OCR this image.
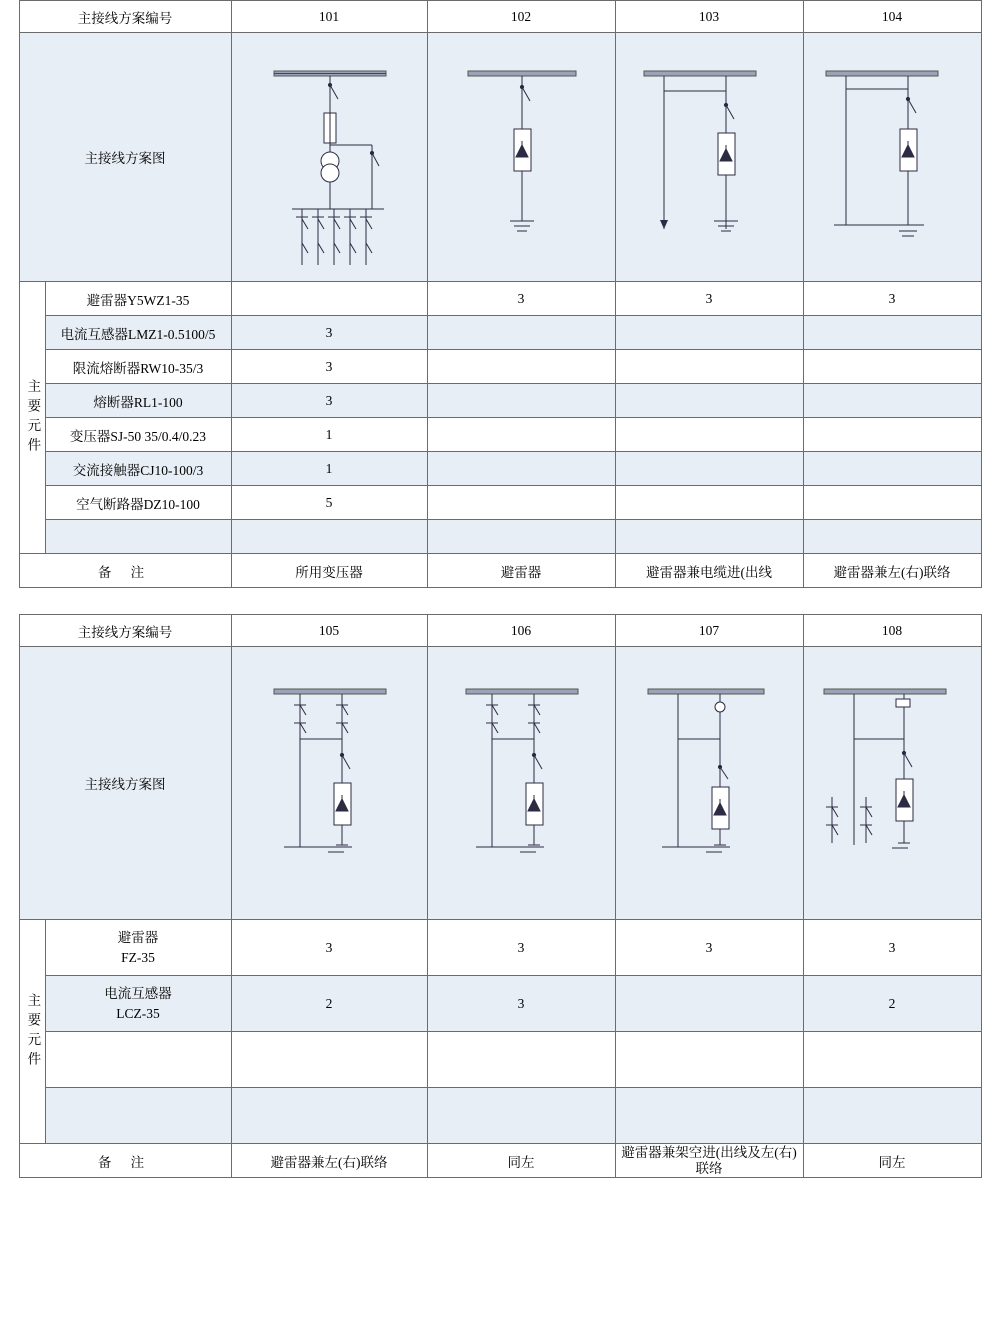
主接线方案编号		101	102	103	104
主接线方案图	

主要元件	避雷器Y5WZ1-35		3	3	3
	电流互感器LMZ1-0.5100/5	3			
	限流熔断器RW10-35/3	3			
	熔断器RL1-100	3			
	变压器SJ-50 35/0.4/0.23	1			
	交流接触器CJ10-100/3	1			
	空气断路器DZ10-100	5			

备 注		所用变压器	避雷器	避雷器兼电缆进(出线	避雷器兼左(右)联络
主接线方案编号		105	106	107	108
主接线方案图				
主要元件	避雷器
FZ-35	3	3	3	3

	电流互感器
LCZ-35	2	3		2

备 注		避雷器兼左(右)联络	同左	避雷器兼架空进(出线及左(右)联络	同左
